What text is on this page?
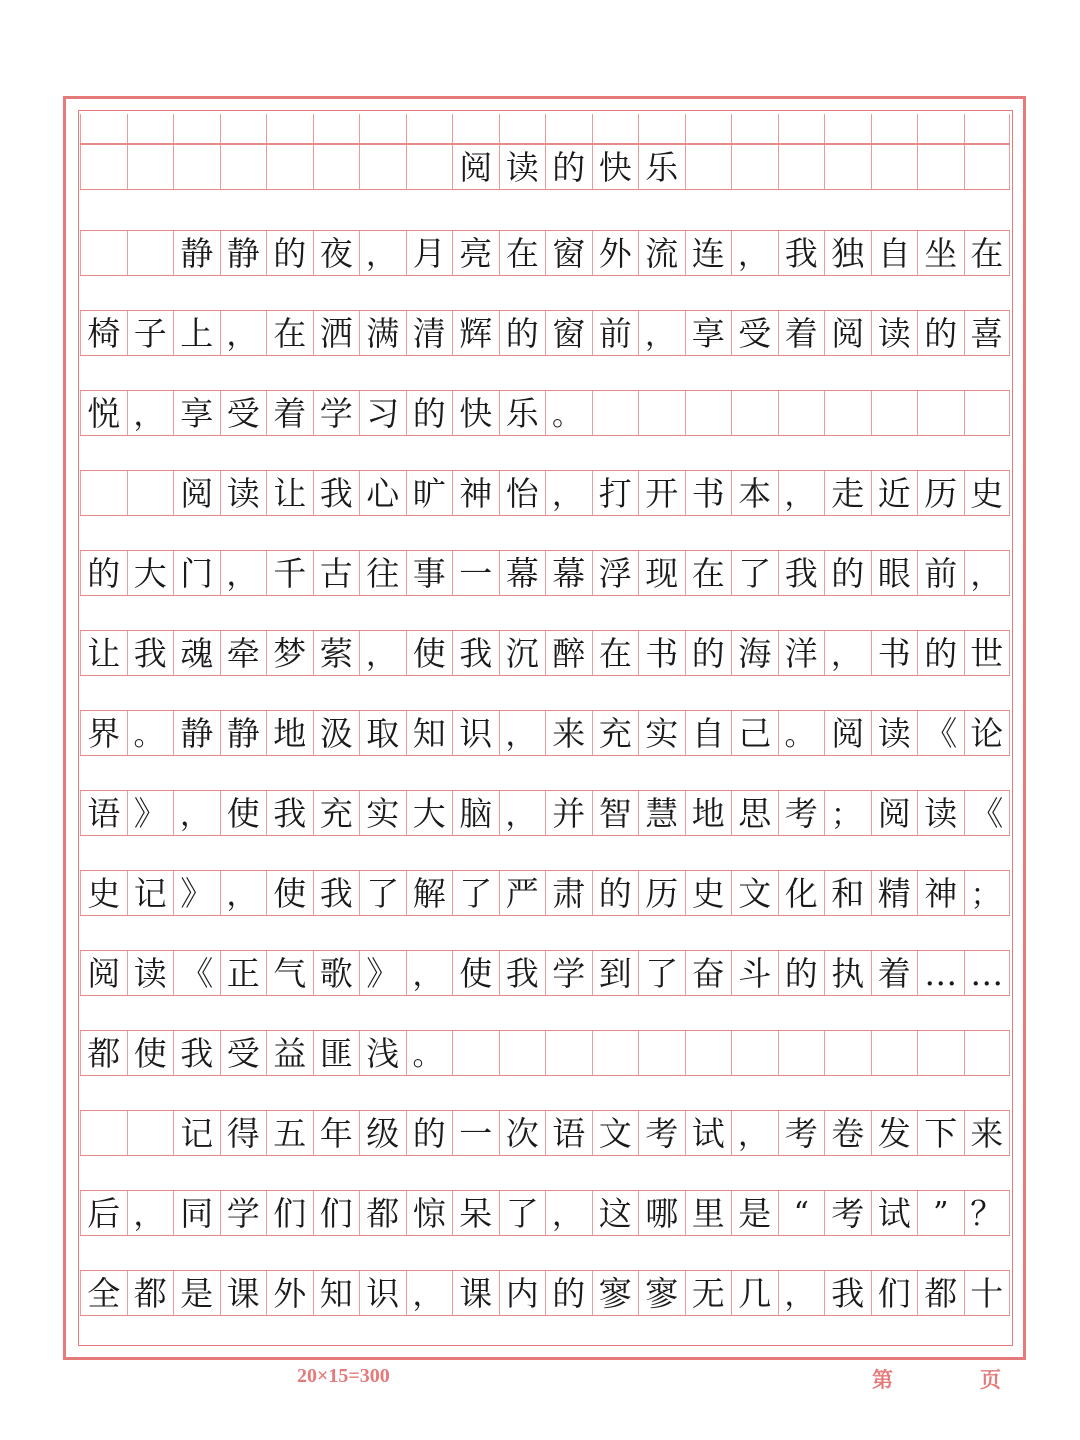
阅 读 的 快 乐
静 静 的 夜 ， 月 亮 在 窗 外 流 连 ， 我 独 自 坐 在
椅 子 上 ， 在 洒 满 清 辉 的 窗 前 ， 享 受 着 阅 读 的 喜
悦 ， 享 受 着 学 习 的 快 乐 。
阅 读 让 我 心 旷 神 怡 ， 打 开 书 本 ， 走 近 历 史
的 大 门 ， 千 古 往 事 一 幕 幕 浮 现 在 了 我 的 眼 前 ，
让 我 魂 牵 梦 萦 ， 使 我 沉 醉 在 书 的 海 洋 ， 书 的 世
界 。 静 静 地 汲 取 知 识 ， 来 充 实 自 己 。 阅 读 《 论
语 》 ， 使 我 充 实 大 脑 ， 并 智 慧 地 思 考 ； 阅 读 《
史 记 》 ， 使 我 了 解 了 严 肃 的 历 史 文 化 和 精 神 ；
阅 读 《 正 气 歌 》 ， 使 我 学 到 了 奋 斗 的 执 着 … …
都 使 我 受 益 匪 浅 。
记 得 五 年 级 的 一 次 语 文 考 试 ， 考 卷 发 下 来
后 ， 同 学 们 们 都 惊 呆 了 ， 这 哪 里 是 “ 考 试 ” ？
全 都 是 课 外 知 识 ， 课 内 的 寥 寥 无 几 ， 我 们 都 十
20×15=300	第	页
